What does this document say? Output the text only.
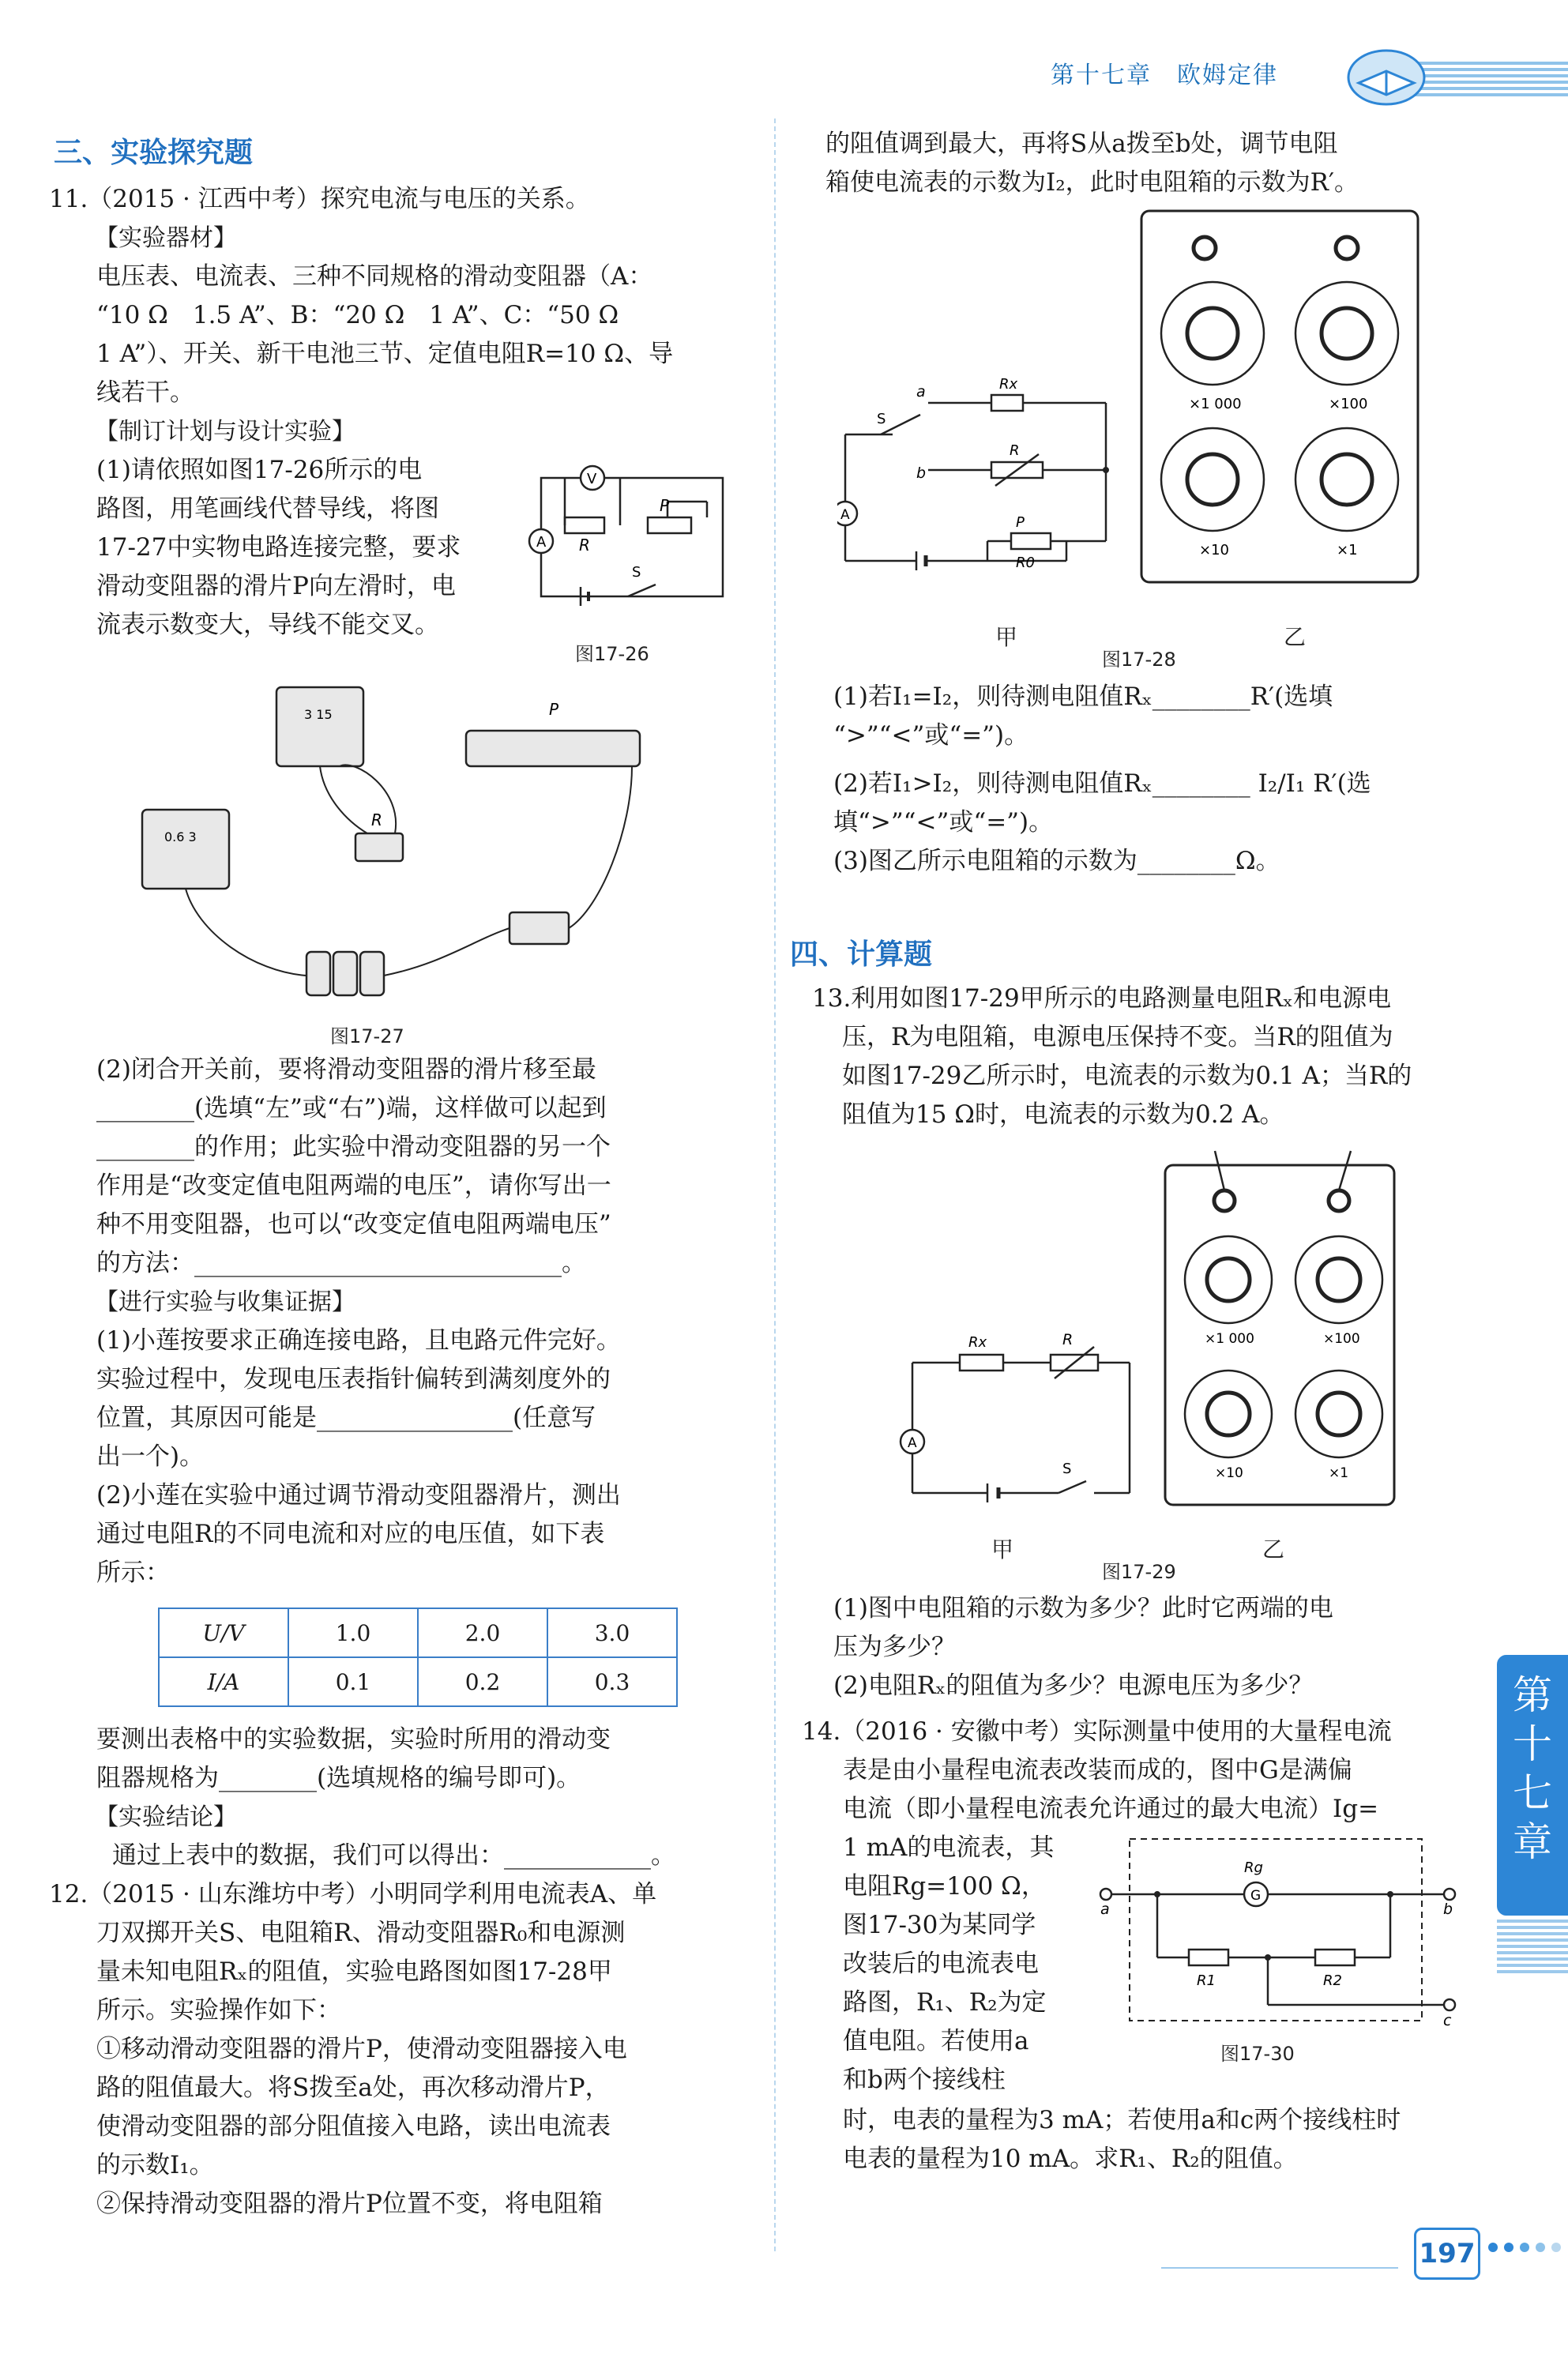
第十七章　欧姆定律
三、实验探究题

11.（2015 · 江西中考）探究电流与电压的关系。

【实验器材】

电压表、电流表、三种不同规格的滑动变阻器（A：

“10 Ω　1.5 A”、B：“20 Ω　1 A”、C：“50 Ω

1 A”）、开关、新干电池三节、定值电阻R=10 Ω、导

线若干。

【制订计划与设计实验】

(1)请依照如图17-26所示的电

路图，用笔画线代替导线，将图

17-27中实物电路连接完整，要求

滑动变阻器的滑片P向左滑时，电

流表示数变大，导线不能交叉。

V
A R
P
S
图17-26
3 15
0.6 3
R
P
图17-27

(2)闭合开关前，要将滑动变阻器的滑片移至最

________(选填“左”或“右”)端，这样做可以起到

________的作用；此实验中滑动变阻器的另一个

作用是“改变定值电阻两端的电压”，请你写出一

种不用变阻器，也可以“改变定值电阻两端电压”

的方法：______________________________。

【进行实验与收集证据】

(1)小莲按要求正确连接电路，且电路元件完好。

实验过程中，发现电压表指针偏转到满刻度外的

位置，其原因可能是________________(任意写

出一个)。

(2)小莲在实验中通过调节滑动变阻器滑片，测出

通过电阻R的不同电流和对应的电压值，如下表

所示：

U/V	1.0	2.0	3.0
I/A	0.1	0.2	0.3

要测出表格中的实验数据，实验时所用的滑动变

阻器规格为________(选填规格的编号即可)。

【实验结论】

通过上表中的数据，我们可以得出：____________。

12.（2015 · 山东潍坊中考）小明同学利用电流表A、单

刀双掷开关S、电阻箱R、滑动变阻器R₀和电源测

量未知电阻Rₓ的阻值，实验电路图如图17-28甲

所示。实验操作如下：

①移动滑动变阻器的滑片P，使滑动变阻器接入电

路的阻值最大。将S拨至a处，再次移动滑片P，

使滑动变阻器的部分阻值接入电路，读出电流表

的示数I₁。

②保持滑动变阻器的滑片P位置不变，将电阻箱

的阻值调到最大，再将S从a拨至b处，调节电阻

箱使电流表的示数为I₂，此时电阻箱的示数为R′。

A
S
a
b
Rx
R
P
R0
×1 000	×100
×10	×1
甲	乙
图17-28

(1)若I₁=I₂，则待测电阻值Rₓ________R′(选填

“>”“<”或“=”)。

(2)若I₁>I₂，则待测电阻值Rₓ________ I₂/I₁ R′(选

填“>”“<”或“=”)。

(3)图乙所示电阻箱的示数为________Ω。

四、计算题

13.利用如图17-29甲所示的电路测量电阻Rₓ和电源电

压，R为电阻箱，电源电压保持不变。当R的阻值为

如图17-29乙所示时，电流表的示数为0.1 A；当R的

阻值为15 Ω时，电流表的示数为0.2 A。

A
Rx	R
S
×1 000	×100
×10	×1
甲	乙
图17-29

(1)图中电阻箱的示数为多少？此时它两端的电

压为多少？

(2)电阻Rₓ的阻值为多少？电源电压为多少？

14.（2016 · 安徽中考）实际测量中使用的大量程电流

表是由小量程电流表改装而成的，图中G是满偏

电流（即小量程电流表允许通过的最大电流）Ig=

1 mA的电流表，其

电阻Rg=100 Ω，

图17-30为某同学

改装后的电流表电

路图，R₁、R₂为定

值电阻。若使用a

和b两个接线柱

G
Rg
R1	R2
a	b
c
图17-30

时，电表的量程为3 mA；若使用a和c两个接线柱时

电表的量程为10 mA。求R₁、R₂的阻值。

第
十
七
章
197
